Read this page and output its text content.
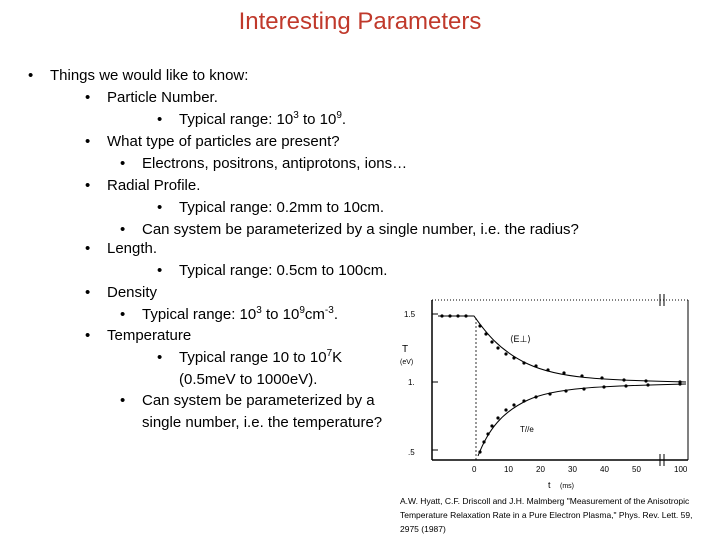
Interesting Parameters
• Things we would like to know:
• Particle Number.
• Typical range: $10^3$ to $10^9$.
• What type of particles are present?
• Electrons, positrons, antiprotons, ions…
• Radial Profile.
• Typical range: 0.2mm to 10cm.
• Can system be parameterized by a single number, i.e. the radius?
• Length.
• Typical range: 0.5cm to 100cm.
• Density
• Typical range: $10^3$ to $10^9cm^{-3}$.
• Temperature
• Typical range 10 to $10^7K$
(0.5meV to 1000eV).
• Can system be parameterized by a
single number, i.e. the temperature?
1.5
1.
.5
T
(eV)
0	10	20	30	40	50	100
t (ms)
⟨E⊥⟩
T//e
A.W. Hyatt, C.F. Driscoll and J.H. Malmberg "Measurement of the Anisotropic
Temperature Relaxation Rate in a Pure Electron Plasma," Phys. Rev. Lett. 59,
2975 (1987)
